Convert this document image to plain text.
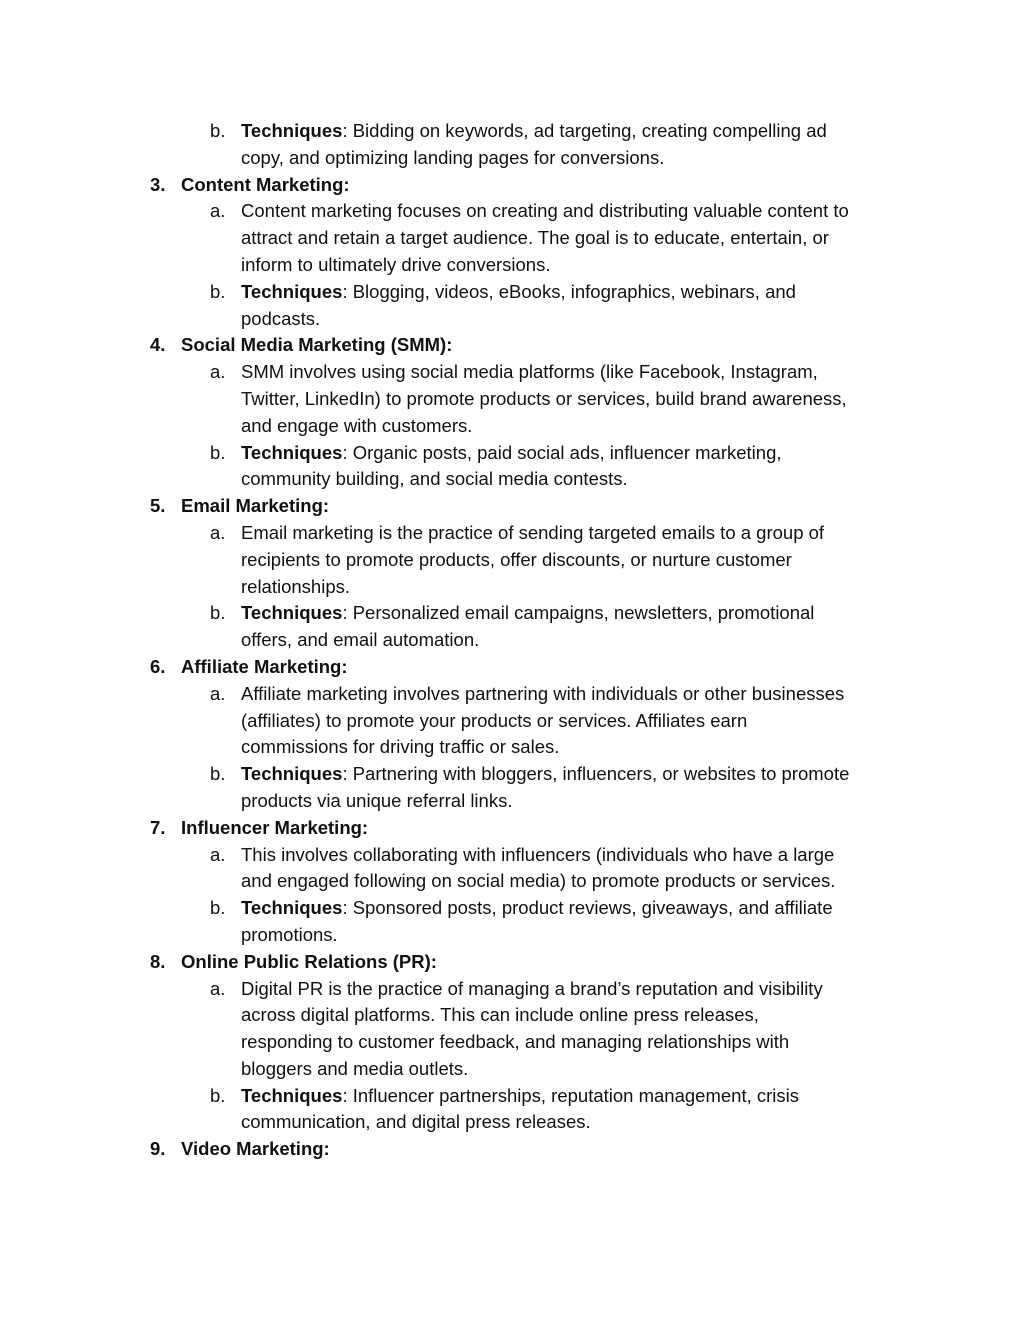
b. Techniques: Bidding on keywords, ad targeting, creating compelling ad
copy, and optimizing landing pages for conversions.
3. Content Marketing:
a. Content marketing focuses on creating and distributing valuable content to
attract and retain a target audience. The goal is to educate, entertain, or
inform to ultimately drive conversions.
b. Techniques: Blogging, videos, eBooks, infographics, webinars, and
podcasts.
4. Social Media Marketing (SMM):
a. SMM involves using social media platforms (like Facebook, Instagram,
Twitter, LinkedIn) to promote products or services, build brand awareness,
and engage with customers.
b. Techniques: Organic posts, paid social ads, influencer marketing,
community building, and social media contests.
5. Email Marketing:
a. Email marketing is the practice of sending targeted emails to a group of
recipients to promote products, offer discounts, or nurture customer
relationships.
b. Techniques: Personalized email campaigns, newsletters, promotional
offers, and email automation.
6. Affiliate Marketing:
a. Affiliate marketing involves partnering with individuals or other businesses
(affiliates) to promote your products or services. Affiliates earn
commissions for driving traffic or sales.
b. Techniques: Partnering with bloggers, influencers, or websites to promote
products via unique referral links.
7. Influencer Marketing:
a. This involves collaborating with influencers (individuals who have a large
and engaged following on social media) to promote products or services.
b. Techniques: Sponsored posts, product reviews, giveaways, and affiliate
promotions.
8. Online Public Relations (PR):
a. Digital PR is the practice of managing a brand’s reputation and visibility
across digital platforms. This can include online press releases,
responding to customer feedback, and managing relationships with
bloggers and media outlets.
b. Techniques: Influencer partnerships, reputation management, crisis
communication, and digital press releases.
9. Video Marketing:
